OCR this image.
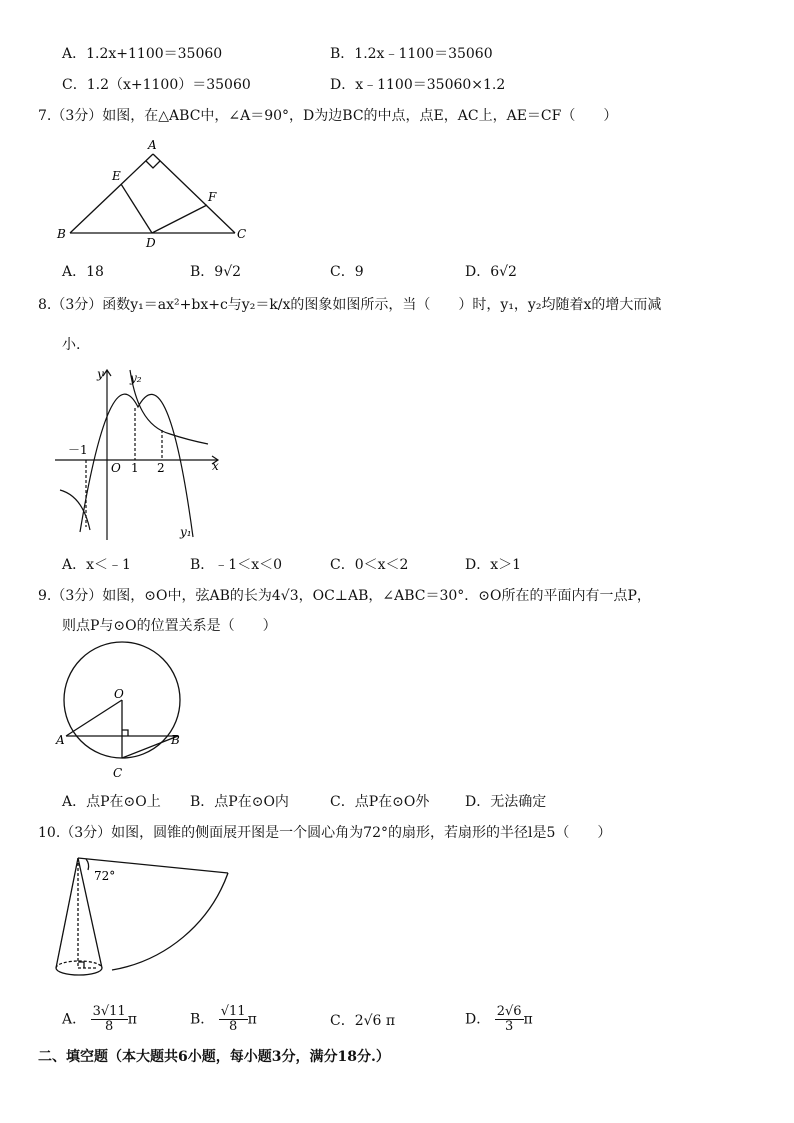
A．1.2x+1100＝35060	B．1.2x﹣1100＝35060
C．1.2（x+1100）＝35060	D．x﹣1100＝35060×1.2
7.（3分）如图，在△ABC中，∠A＝90°，D为边BC的中点，点E，AC上，AE＝CF（　　）
A
E
F
B
D
C
A．18	B．9√2	C．9	D．6√2
8.（3分）函数y₁＝ax²+bx+c与y₂＝k/x的图象如图所示，当（　　）时，y₁，y₂均随着x的增大而减
小.
y y₂
x
－1
O 1 2
y₁
A．x＜﹣1	B．﹣1＜x＜0	C．0＜x＜2	D．x＞1
9.（3分）如图，⊙O中，弦AB的长为4√3，OC⊥AB，∠ABC＝30°．⊙O所在的平面内有一点P，
则点P与⊙O的位置关系是（　　）
O
A	B
C
A．点P在⊙O上 B．点P在⊙O内	C．点P在⊙O外	D．无法确定
10.（3分）如图，圆锥的侧面展开图是一个圆心角为72°的扇形，若扇形的半径l是5（　　）
72°
A． $\frac{3√11}{8}$ π	B． $\frac{√11}{8}$ π	C．2√6 π	D． $\frac{2√6}{3}$ π
二、填空题（本大题共6小题，每小题3分，满分18分.）
